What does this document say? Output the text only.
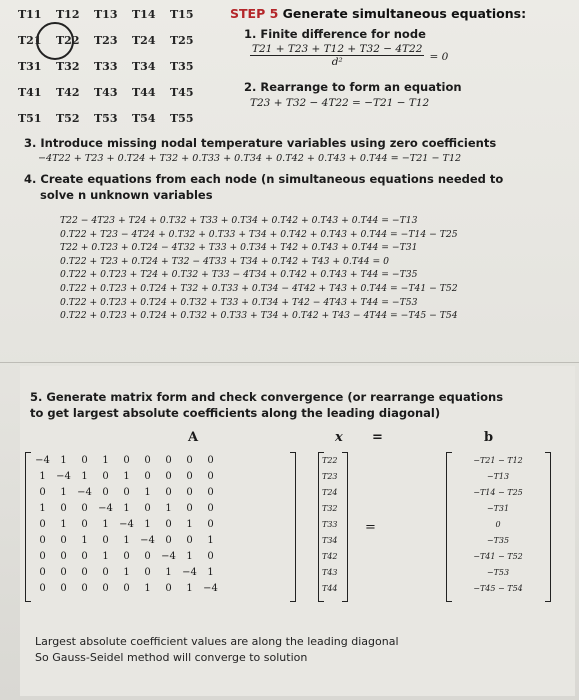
T11 T12 T13 T14 T15
T21 T22 T23 T24 T25
T31 T32 T33 T34 T35
T41 T42 T43 T44 T45
T51 T52 T53 T54 T55
STEP 5 Generate simultaneous equations:
1. Finite difference for node
$\frac{T21 + T23 + T12 + T32 - 4T22}{\text{d²}} = 0$
2. Rearrange to form an equation
T23 + T32 − 4T22 = −T21 − T12
3. Introduce missing nodal temperature variables using zero coefficients
−4T22 + T23 + 0.T24 + T32 + 0.T33 + 0.T34 + 0.T42 + 0.T43 + 0.T44 = −T21 − T12
4. Create equations from each node (n simultaneous equations needed to
solve n unknown variables
T22 − 4T23 + T24 + 0.T32 + T33 + 0.T34 + 0.T42 + 0.T43 + 0.T44 = −T13
0.T22 + T23 − 4T24 + 0.T32 + 0.T33 + T34 + 0.T42 + 0.T43 + 0.T44 = −T14 − T25
T22 + 0.T23 + 0.T24 − 4T32 + T33 + 0.T34 + T42 + 0.T43 + 0.T44 = −T31
0.T22 + T23 + 0.T24 + T32 − 4T33 + T34 + 0.T42 + T43 + 0.T44 = 0
0.T22 + 0.T23 + T24 + 0.T32 + T33 − 4T34 + 0.T42 + 0.T43 + T44 = −T35
0.T22 + 0.T23 + 0.T24 + T32 + 0.T33 + 0.T34 − 4T42 + T43 + 0.T44 = −T41 − T52
0.T22 + 0.T23 + 0.T24 + 0.T32 + T33 + 0.T34 + T42 − 4T43 + T44 = −T53
0.T22 + 0.T23 + 0.T24 + 0.T32 + 0.T33 + T34 + 0.T42 + T43 − 4T44 = −T45 − T54
5. Generate matrix form and check convergence (or rearrange equations
to get largest absolute coefficients along the leading diagonal)
A	x =	b
−4 1 0 1 0 0 0 0 0
1 −4 1 0 1 0 0 0 0
0 1 −4 0 0 1 0 0 0
1 0 0 −4 1 0 1 0 0
0 1 0 1 −4 1 0 1 0
0 0 1 0 1 −4 0 0 1
0 0 0 1 0 0 −4 1 0
0 0 0 0 1 0 1 −4 1
0 0 0 0 0 1 0 1 −4
T22
T23
T24
T32
T33
T34
T42
T43
T44
=
−T21 − T12
−T13
−T14 − T25
−T31
0
−T35
−T41 − T52
−T53
−T45 − T54
Largest absolute coefficient values are along the leading diagonal
So Gauss-Seidel method will converge to solution
